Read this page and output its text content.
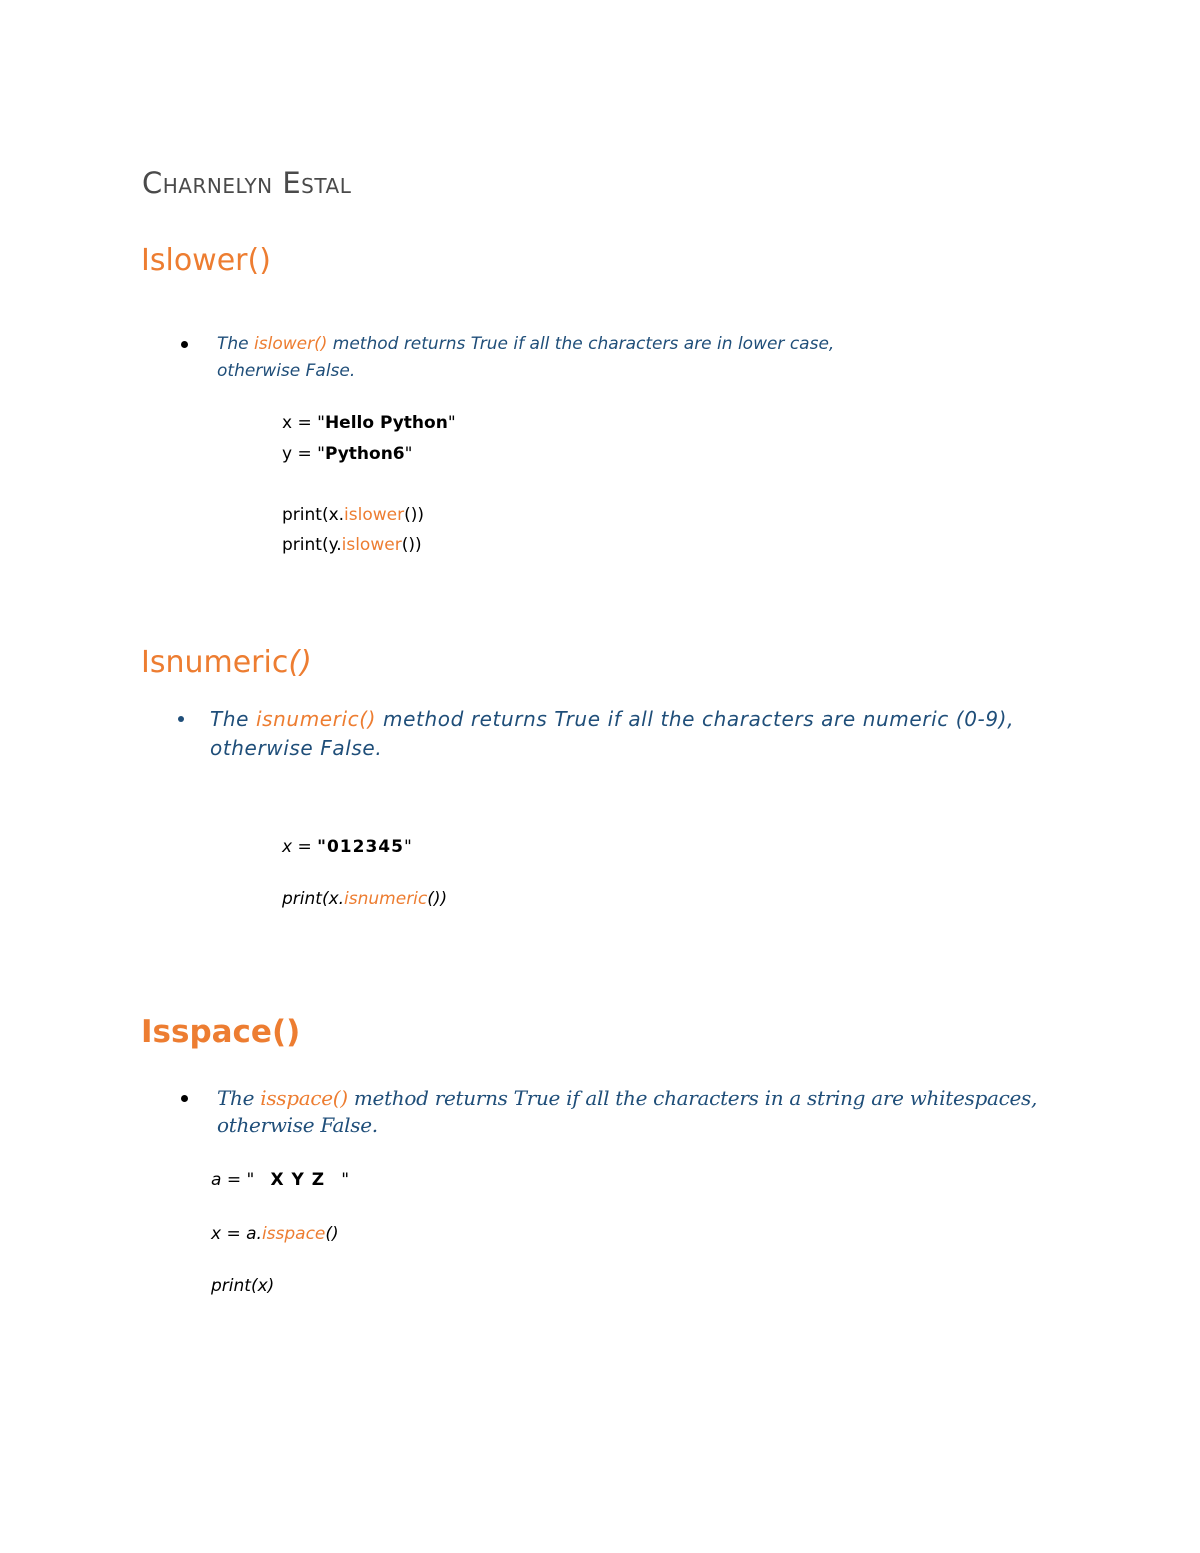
Charnelyn Estal
Islower()
The islower() method returns True if all the characters are in lower case,
otherwise False.
x = "Hello Python"
y = "Python6"
print(x.islower())
print(y.islower())
Isnumeric()
The isnumeric() method returns True if all the characters are numeric (0-9),
otherwise False.
x = "012345"
print(x.isnumeric())
Isspace()
The isspace() method returns True if all the characters in a string are whitespaces,
otherwise False.
a = "   X Y Z   "
x = a.isspace()
print(x)
